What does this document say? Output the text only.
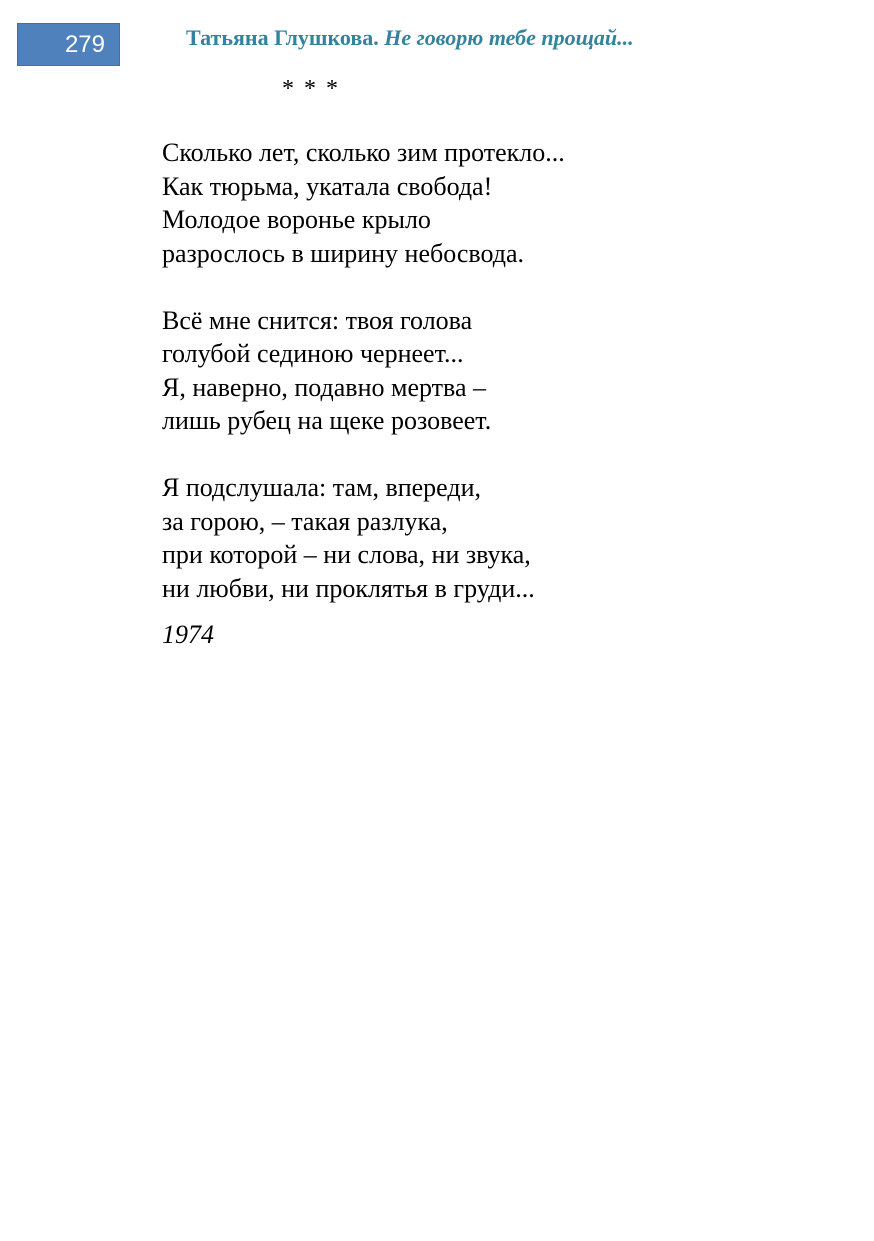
279	Татьяна Глушкова. Не говорю тебе прощай...
* * *
Сколько лет, сколько зим протекло...
Как тюрьма, укатала свобода!
Молодое воронье крыло
разрослось в ширину небосвода.
Всё мне снится: твоя голова
голубой сединою чернеет...
Я, наверно, подавно мертва –
лишь рубец на щеке розовеет.
Я подслушала: там, впереди,
за горою, – такая разлука,
при которой – ни слова, ни звука,
ни любви, ни проклятья в груди...
1974
